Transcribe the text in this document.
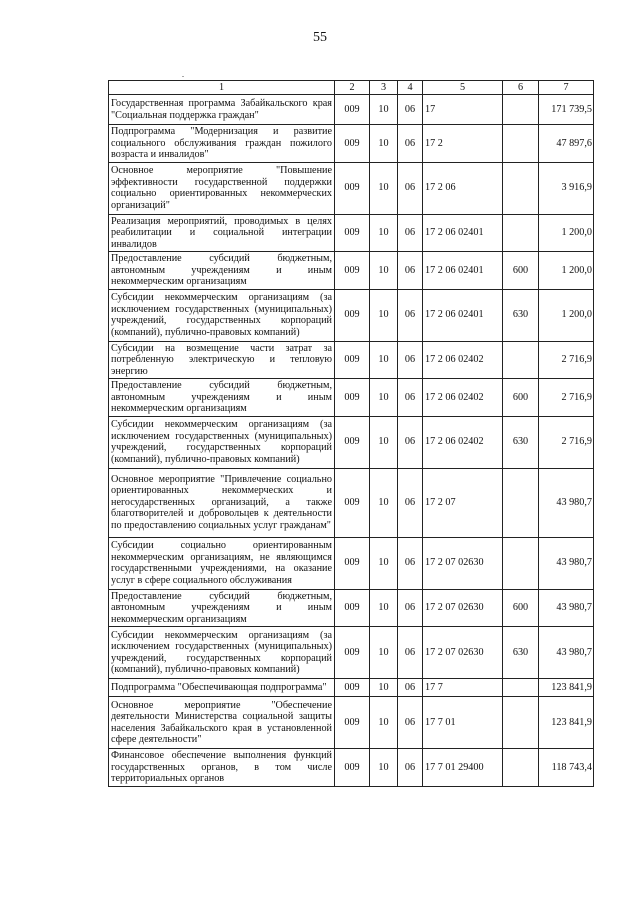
55
.
1	2	3	4	5	6	7
Государственная программа Забайкальского края "Социальная поддержка граждан"	009	10	06	17		171 739,5
Подпрограмма "Модернизация и развитие социального обслуживания граждан пожилого возраста и инвалидов"	009	10	06	17 2		47 897,6
Основное мероприятие "Повышение эффективности государственной поддержки социально ориентированных некоммерческих организаций"	009	10	06	17 2 06		3 916,9
Реализация мероприятий, проводимых в целях реабилитации и социальной интеграции инвалидов	009	10	06	17 2 06 02401		1 200,0
Предоставление субсидий бюджетным, автономным учреждениям и иным некоммерческим организациям	009	10	06	17 2 06 02401	600	1 200,0
Субсидии некоммерческим организациям (за исключением государственных (муниципальных) учреждений, государственных корпораций (компаний), публично-правовых компаний)	009	10	06	17 2 06 02401	630	1 200,0
Субсидии на возмещение части затрат за потребленную электрическую и тепловую энергию	009	10	06	17 2 06 02402		2 716,9
Предоставление субсидий бюджетным, автономным учреждениям и иным некоммерческим организациям	009	10	06	17 2 06 02402	600	2 716,9
Субсидии некоммерческим организациям (за исключением государственных (муниципальных) учреждений, государственных корпораций (компаний), публично-правовых компаний)	009	10	06	17 2 06 02402	630	2 716,9
Основное мероприятие "Привлечение социально ориентированных некоммерческих и негосударственных организаций, а также благотворителей и добровольцев к деятельности по предоставлению социальных услуг гражданам"	009	10	06	17 2 07		43 980,7
Субсидии социально ориентированным некоммерческим организациям, не являющимся государственными учреждениями, на оказание услуг в сфере социального обслуживания	009	10	06	17 2 07 02630		43 980,7
Предоставление субсидий бюджетным, автономным учреждениям и иным некоммерческим организациям	009	10	06	17 2 07 02630	600	43 980,7
Субсидии некоммерческим организациям (за исключением государственных (муниципальных) учреждений, государственных корпораций (компаний), публично-правовых компаний)	009	10	06	17 2 07 02630	630	43 980,7
Подпрограмма "Обеспечивающая подпрограмма"	009	10	06	17 7		123 841,9
Основное мероприятие "Обеспечение деятельности Министерства социальной защиты населения Забайкальского края в установленной сфере деятельности"	009	10	06	17 7 01		123 841,9
Финансовое обеспечение выполнения функций государственных органов, в том числе территориальных органов	009	10	06	17 7 01 29400		118 743,4
